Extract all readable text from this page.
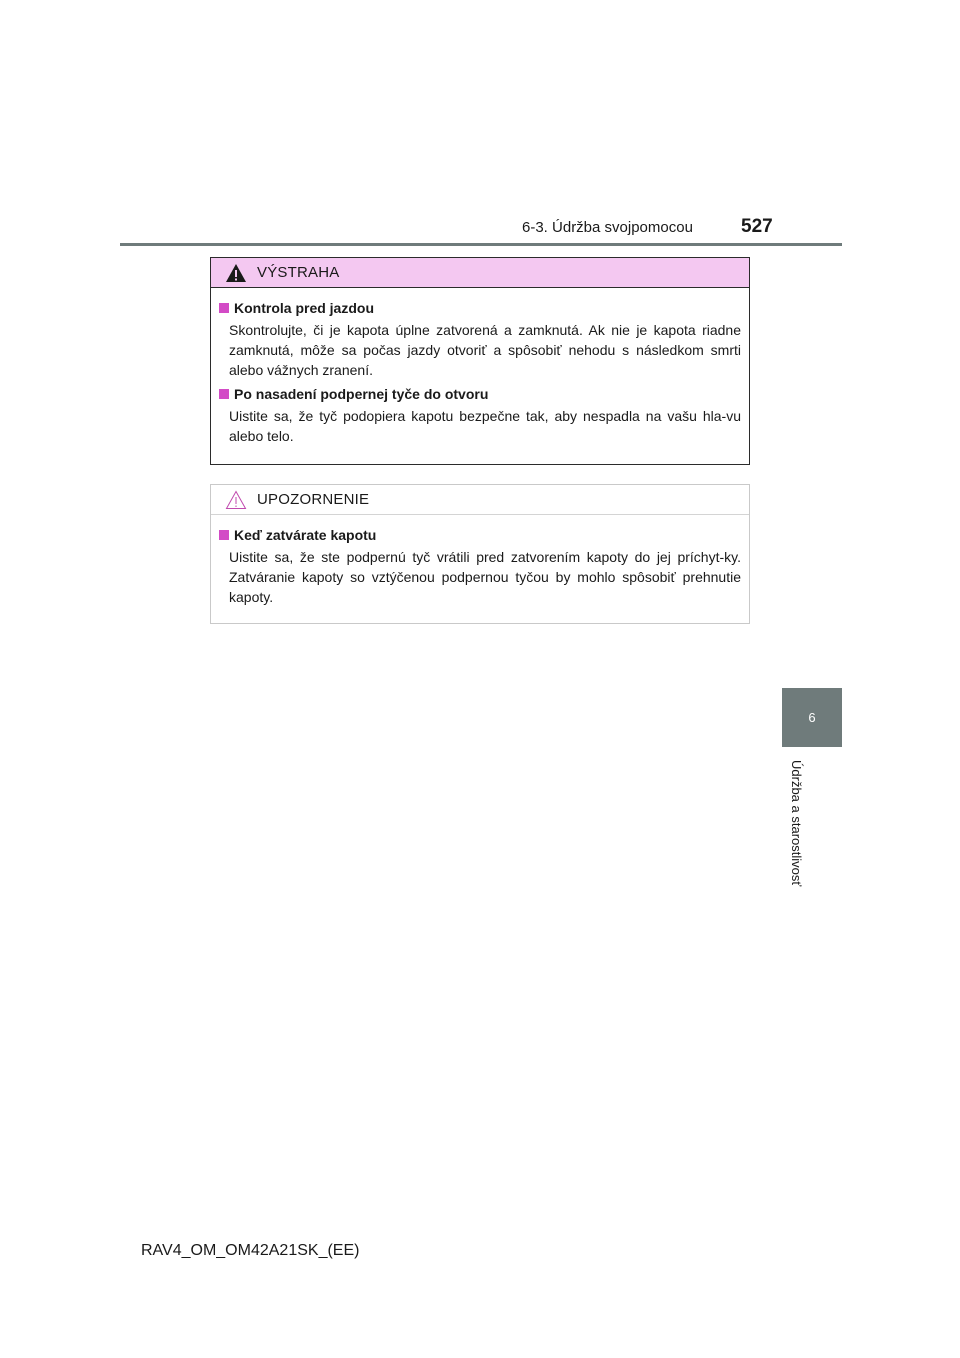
6-3. Údržba svojpomocou	527
VÝSTRAHA
Kontrola pred jazdou
Skontrolujte, či je kapota úplne zatvorená a zamknutá. Ak nie je kapota riadne zamknutá, môže sa počas jazdy otvoriť a spôsobiť nehodu s následkom smrti alebo vážnych zranení.
Po nasadení podpernej tyče do otvoru
Uistite sa, že tyč podopiera kapotu bezpečne tak, aby nespadla na vašu hla-vu alebo telo.
UPOZORNENIE
Keď zatvárate kapotu
Uistite sa, že ste podpernú tyč vrátili pred zatvorením kapoty do jej príchyt-ky. Zatváranie kapoty so vztýčenou podpernou tyčou by mohlo spôsobiť prehnutie kapoty.
6
Údržba a starostlivosť
RAV4_OM_OM42A21SK_(EE)
